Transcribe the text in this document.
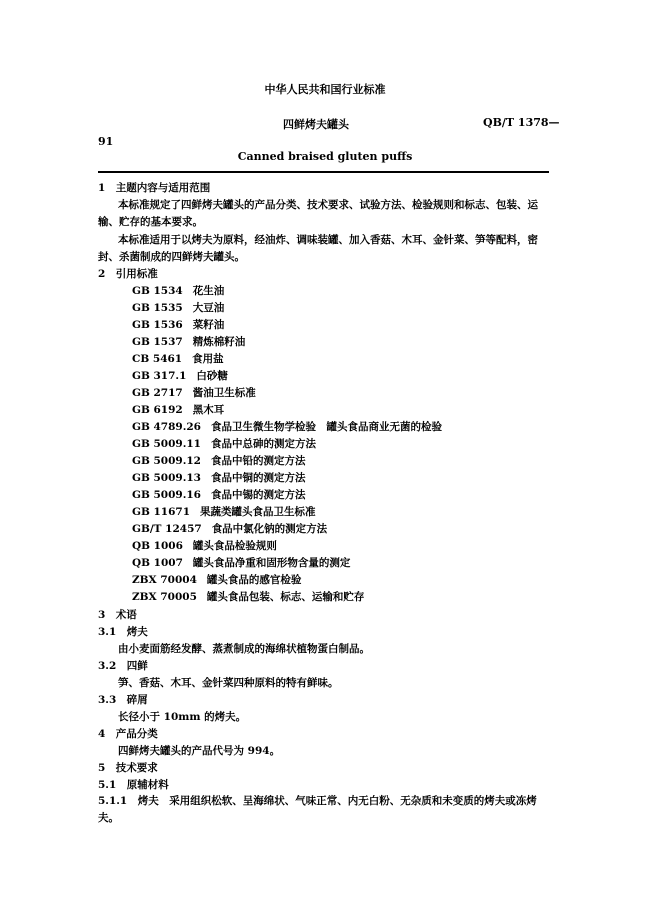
中华人民共和国行业标准
四鲜烤夫罐头	QB/T 1378—
91
Canned braised gluten puffs
1　主题内容与适用范围
本标准规定了四鲜烤夫罐头的产品分类、技术要求、试验方法、检验规则和标志、包装、运输、贮存的基本要求。
本标准适用于以烤夫为原料，经油炸、调味装罐、加入香菇、木耳、金针菜、笋等配料，密封、杀菌制成的四鲜烤夫罐头。
2　引用标准
GB 1534 花生油
GB 1535 大豆油
GB 1536 菜籽油
GB 1537 精炼棉籽油
CB 5461 食用盐
GB 317.1 白砂糖
GB 2717 酱油卫生标准
GB 6192 黑木耳
GB 4789.26 食品卫生微生物学检验　罐头食品商业无菌的检验
GB 5009.11 食品中总砷的测定方法
GB 5009.12 食品中铅的测定方法
GB 5009.13 食品中铜的测定方法
GB 5009.16 食品中锡的测定方法
GB 11671 果蔬类罐头食品卫生标准
GB/T 12457 食品中氯化钠的测定方法
QB 1006 罐头食品检验规则
QB 1007 罐头食品净重和固形物含量的测定
ZBX 70004 罐头食品的感官检验
ZBX 70005 罐头食品包装、标志、运输和贮存
3　术语
3.1　烤夫
由小麦面筋经发酵、蒸煮制成的海绵状植物蛋白制品。
3.2　四鲜
笋、香菇、木耳、金针菜四种原料的特有鲜味。
3.3　碎屑
长径小于 10mm 的烤夫。
4　产品分类
四鲜烤夫罐头的产品代号为 994。
5　技术要求
5.1　原辅材料
5.1.1　烤夫　采用组织松软、呈海绵状、气味正常、内无白粉、无杂质和未变质的烤夫或冻烤夫。
